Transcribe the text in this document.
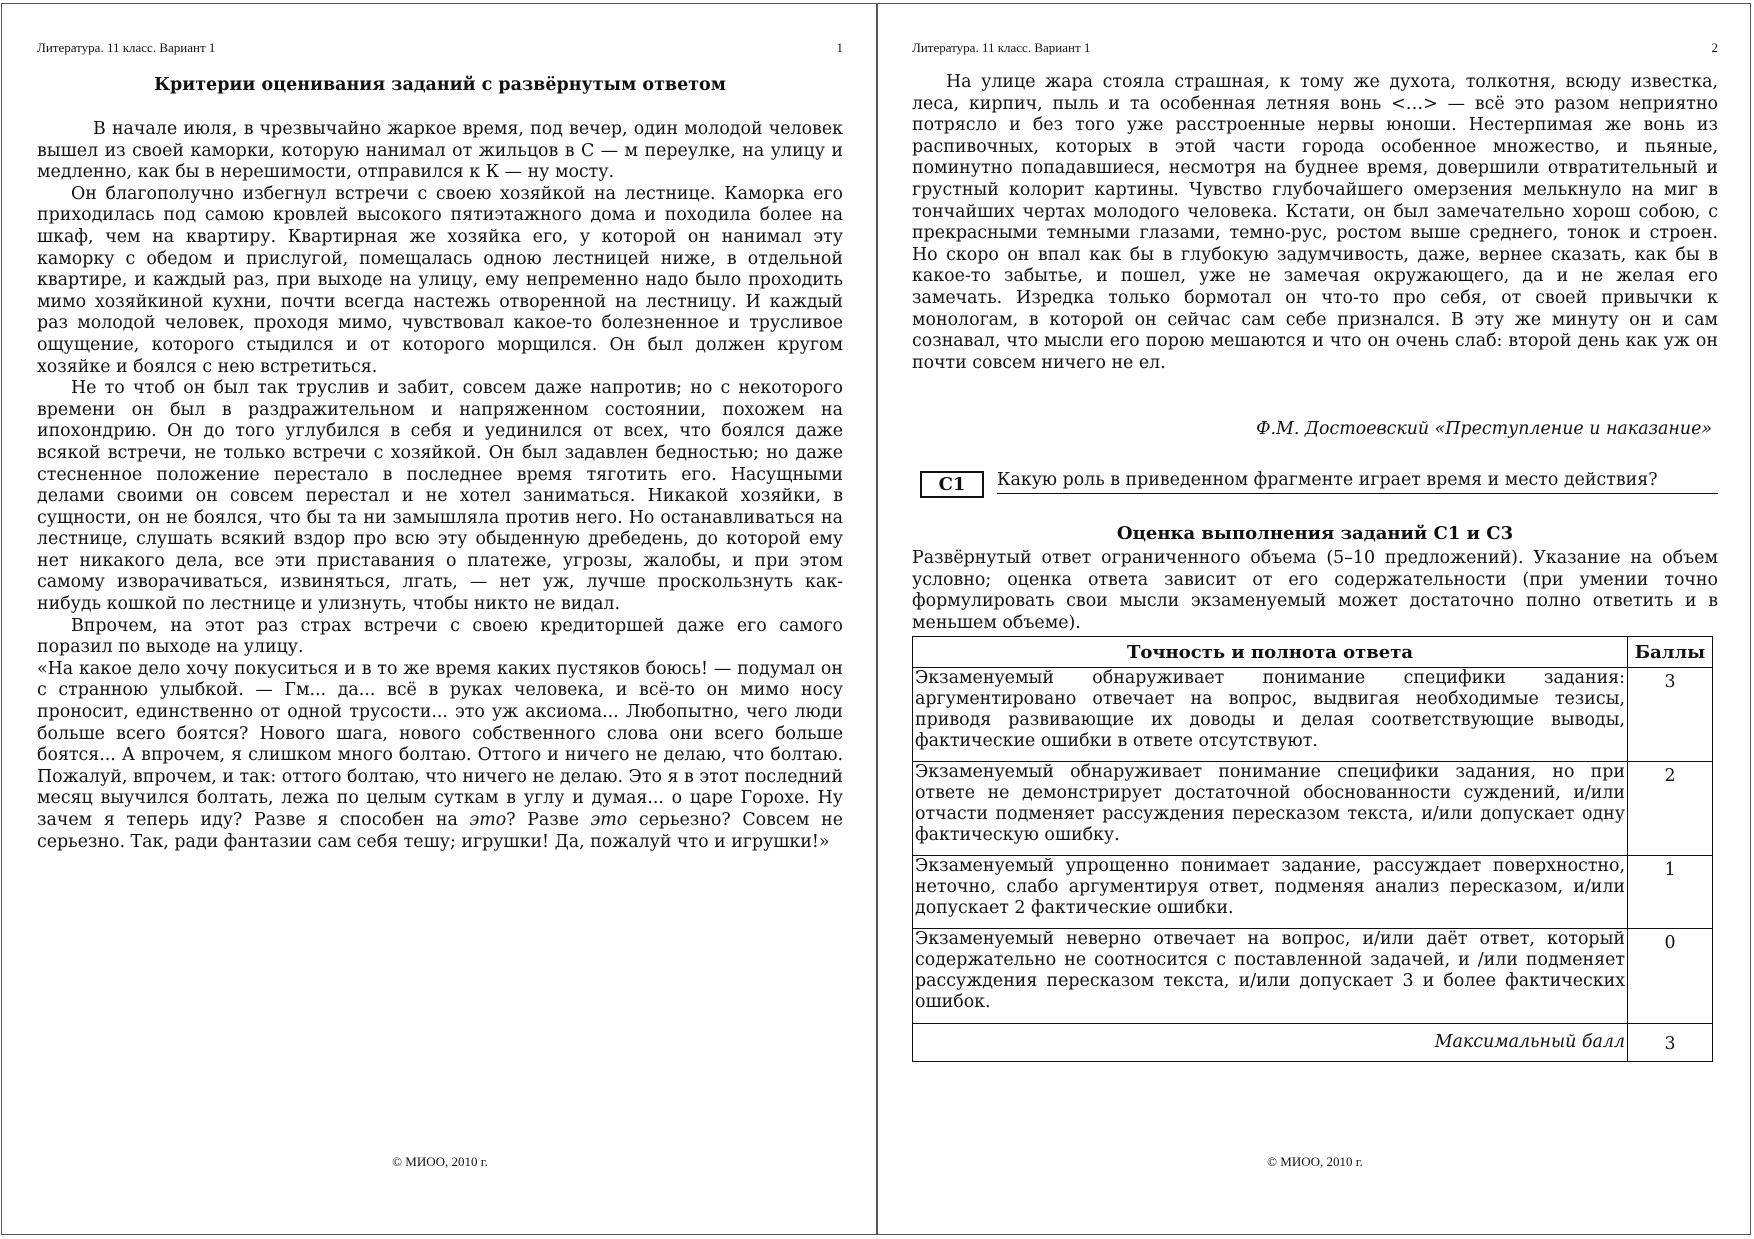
Литература. 11 класс. Вариант 1	1
Критерии оценивания заданий с развёрнутым ответом

В начале июля, в чрезвычайно жаркое время, под вечер, один молодой человек вышел из своей каморки, которую нанимал от жильцов в С — м переулке, на улицу и медленно, как бы в нерешимости, отправился к К — ну мосту.

Он благополучно избегнул встречи с своею хозяйкой на лестнице. Каморка его приходилась под самою кровлей высокого пятиэтажного дома и походила более на шкаф, чем на квартиру. Квартирная же хозяйка его, у которой он нанимал эту каморку с обедом и прислугой, помещалась одною лестницей ниже, в отдельной квартире, и каждый раз, при выходе на улицу, ему непременно надо было проходить мимо хозяйкиной кухни, почти всегда настежь отворенной на лестницу. И каждый раз молодой человек, проходя мимо, чувствовал какое-то болезненное и трусливое ощущение, которого стыдился и от которого морщился. Он был должен кругом хозяйке и боялся с нею встретиться.

Не то чтоб он был так труслив и забит, совсем даже напротив; но с некоторого времени он был в раздражительном и напряженном состоянии, похожем на ипохондрию. Он до того углубился в себя и уединился от всех, что боялся даже всякой встречи, не только встречи с хозяйкой. Он был задавлен бедностью; но даже стесненное положение перестало в последнее время тяготить его. Насущными делами своими он совсем перестал и не хотел заниматься. Никакой хозяйки, в сущности, он не боялся, что бы та ни замышляла против него. Но останавливаться на лестнице, слушать всякий вздор про всю эту обыденную дребедень, до которой ему нет никакого дела, все эти приставания о платеже, угрозы, жалобы, и при этом самому изворачиваться, извиняться, лгать, — нет уж, лучше проскользнуть как-нибудь кошкой по лестнице и улизнуть, чтобы никто не видал.

Впрочем, на этот раз страх встречи с своею кредиторшей даже его самого поразил по выходе на улицу.

«На какое дело хочу покуситься и в то же время каких пустяков боюсь! — подумал он с странною улыбкой. — Гм... да... всё в руках человека, и всё-то он мимо носу проносит, единственно от одной трусости... это уж аксиома... Любопытно, чего люди больше всего боятся? Нового шага, нового собственного слова они всего больше боятся... А впрочем, я слишком много болтаю. Оттого и ничего не делаю, что болтаю. Пожалуй, впрочем, и так: оттого болтаю, что ничего не делаю. Это я в этот последний месяц выучился болтать, лежа по целым суткам в углу и думая... о царе Горохе. Ну зачем я теперь иду? Разве я способен на это? Разве это серьезно? Совсем не серьезно. Так, ради фантазии сам себя тешу; игрушки! Да, пожалуй что и игрушки!»

© МИОО, 2010 г.
Литература. 11 класс. Вариант 1	2

На улице жара стояла страшная, к тому же духота, толкотня, всюду известка, леса, кирпич, пыль и та особенная летняя вонь <…> — всё это разом неприятно потрясло и без того уже расстроенные нервы юноши. Нестерпимая же вонь из распивочных, которых в этой части города особенное множество, и пьяные, поминутно попадавшиеся, несмотря на буднее время, довершили отвратительный и грустный колорит картины. Чувство глубочайшего омерзения мелькнуло на миг в тончайших чертах молодого человека. Кстати, он был замечательно хорош собою, с прекрасными темными глазами, темно-рус, ростом выше среднего, тонок и строен. Но скоро он впал как бы в глубокую задумчивость, даже, вернее сказать, как бы в какое-то забытье, и пошел, уже не замечая окружающего, да и не желая его замечать. Изредка только бормотал он что-то про себя, от своей привычки к монологам, в которой он сейчас сам себе признался. В эту же минуту он и сам сознавал, что мысли его порою мешаются и что он очень слаб: второй день как уж он почти совсем ничего не ел.

Ф.М. Достоевский «Преступление и наказание»
С1	Какую роль в приведенном фрагменте играет время и место действия?
Оценка выполнения заданий С1 и С3
Развёрнутый ответ ограниченного объема (5–10 предложений). Указание на объем условно; оценка ответа зависит от его содержательности (при умении точно формулировать свои мысли экзаменуемый может достаточно полно ответить и в меньшем объеме).
Точность и полнота ответа	Баллы
Экзаменуемый обнаруживает понимание специфики задания: аргументировано отвечает на вопрос, выдвигая необходимые тезисы, приводя развивающие их доводы и делая соответствующие выводы, фактические ошибки в ответе отсутствуют.	3
Экзаменуемый обнаруживает понимание специфики задания, но при ответе не демонстрирует достаточной обоснованности суждений, и/или отчасти подменяет рассуждения пересказом текста, и/или допускает одну фактическую ошибку.	2
Экзаменуемый упрощенно понимает задание, рассуждает поверхностно, неточно, слабо аргументируя ответ, подменяя анализ пересказом, и/или допускает 2 фактические ошибки.	1
Экзаменуемый неверно отвечает на вопрос, и/или даёт ответ, который содержательно не соотносится с поставленной задачей, и /или подменяет рассуждения пересказом текста, и/или допускает 3 и более фактических ошибок.	0
Максимальный балл	3
© МИОО, 2010 г.
